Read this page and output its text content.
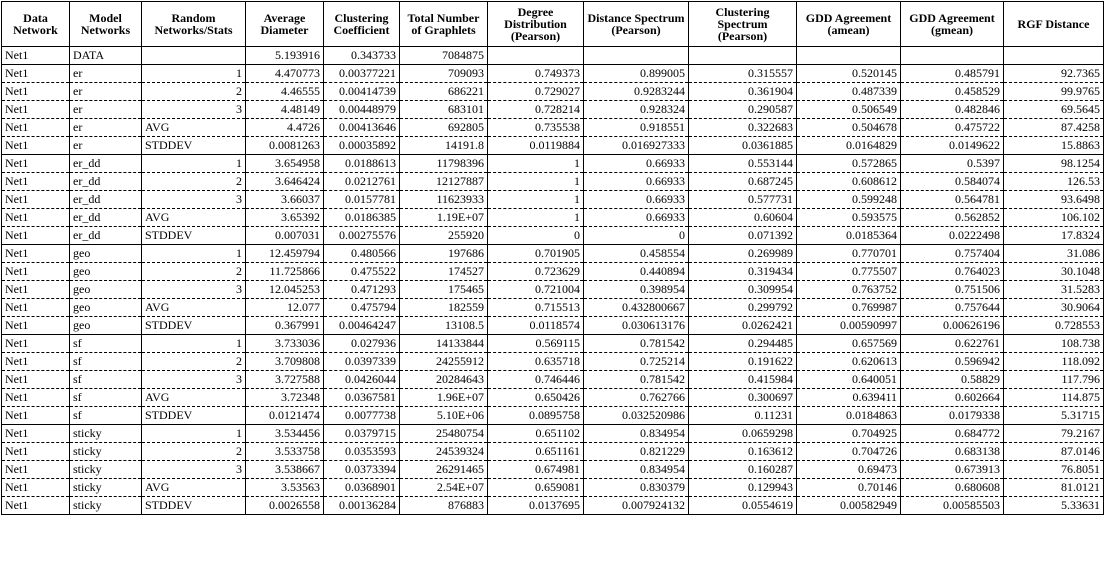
Data Network	Model Networks	Random Networks/Stats	Average Diameter	Clustering Coefficient	Total Number of Graphlets	Degree Distribution (Pearson)	Distance Spectrum (Pearson)	Clustering Spectrum (Pearson)	GDD Agreement (amean)	GDD Agreement (gmean)	RGF Distance
Net1	DATA		5.193916	0.343733	7084875						
Net1	er	1	4.470773	0.00377221	709093	0.749373	0.899005	0.315557	0.520145	0.485791	92.7365
Net1	er	2	4.46555	0.00414739	686221	0.729027	0.9283244	0.361904	0.487339	0.458529	99.9765
Net1	er	3	4.48149	0.00448979	683101	0.728214	0.928324	0.290587	0.506549	0.482846	69.5645
Net1	er	AVG	4.4726	0.00413646	692805	0.735538	0.918551	0.322683	0.504678	0.475722	87.4258
Net1	er	STDDEV	0.0081263	0.00035892	14191.8	0.0119884	0.016927333	0.0361885	0.0164829	0.0149622	15.8863
Net1	er_dd	1	3.654958	0.0188613	11798396	1	0.66933	0.553144	0.572865	0.5397	98.1254
Net1	er_dd	2	3.646424	0.0212761	12127887	1	0.66933	0.687245	0.608612	0.584074	126.53
Net1	er_dd	3	3.66037	0.0157781	11623933	1	0.66933	0.577731	0.599248	0.564781	93.6498
Net1	er_dd	AVG	3.65392	0.0186385	1.19E+07	1	0.66933	0.60604	0.593575	0.562852	106.102
Net1	er_dd	STDDEV	0.007031	0.00275576	255920	0	0	0.071392	0.0185364	0.0222498	17.8324
Net1	geo	1	12.459794	0.480566	197686	0.701905	0.458554	0.269989	0.770701	0.757404	31.086
Net1	geo	2	11.725866	0.475522	174527	0.723629	0.440894	0.319434	0.775507	0.764023	30.1048
Net1	geo	3	12.045253	0.471293	175465	0.721004	0.398954	0.309954	0.763752	0.751506	31.5283
Net1	geo	AVG	12.077	0.475794	182559	0.715513	0.432800667	0.299792	0.769987	0.757644	30.9064
Net1	geo	STDDEV	0.367991	0.00464247	13108.5	0.0118574	0.030613176	0.0262421	0.00590997	0.00626196	0.728553
Net1	sf	1	3.733036	0.027936	14133844	0.569115	0.781542	0.294485	0.657569	0.622761	108.738
Net1	sf	2	3.709808	0.0397339	24255912	0.635718	0.725214	0.191622	0.620613	0.596942	118.092
Net1	sf	3	3.727588	0.0426044	20284643	0.746446	0.781542	0.415984	0.640051	0.58829	117.796
Net1	sf	AVG	3.72348	0.0367581	1.96E+07	0.650426	0.762766	0.300697	0.639411	0.602664	114.875
Net1	sf	STDDEV	0.0121474	0.0077738	5.10E+06	0.0895758	0.032520986	0.11231	0.0184863	0.0179338	5.31715
Net1	sticky	1	3.534456	0.0379715	25480754	0.651102	0.834954	0.0659298	0.704925	0.684772	79.2167
Net1	sticky	2	3.533758	0.0353593	24539324	0.651161	0.821229	0.163612	0.704726	0.683138	87.0146
Net1	sticky	3	3.538667	0.0373394	26291465	0.674981	0.834954	0.160287	0.69473	0.673913	76.8051
Net1	sticky	AVG	3.53563	0.0368901	2.54E+07	0.659081	0.830379	0.129943	0.70146	0.680608	81.0121
Net1	sticky	STDDEV	0.0026558	0.00136284	876883	0.0137695	0.007924132	0.0554619	0.00582949	0.00585503	5.33631
